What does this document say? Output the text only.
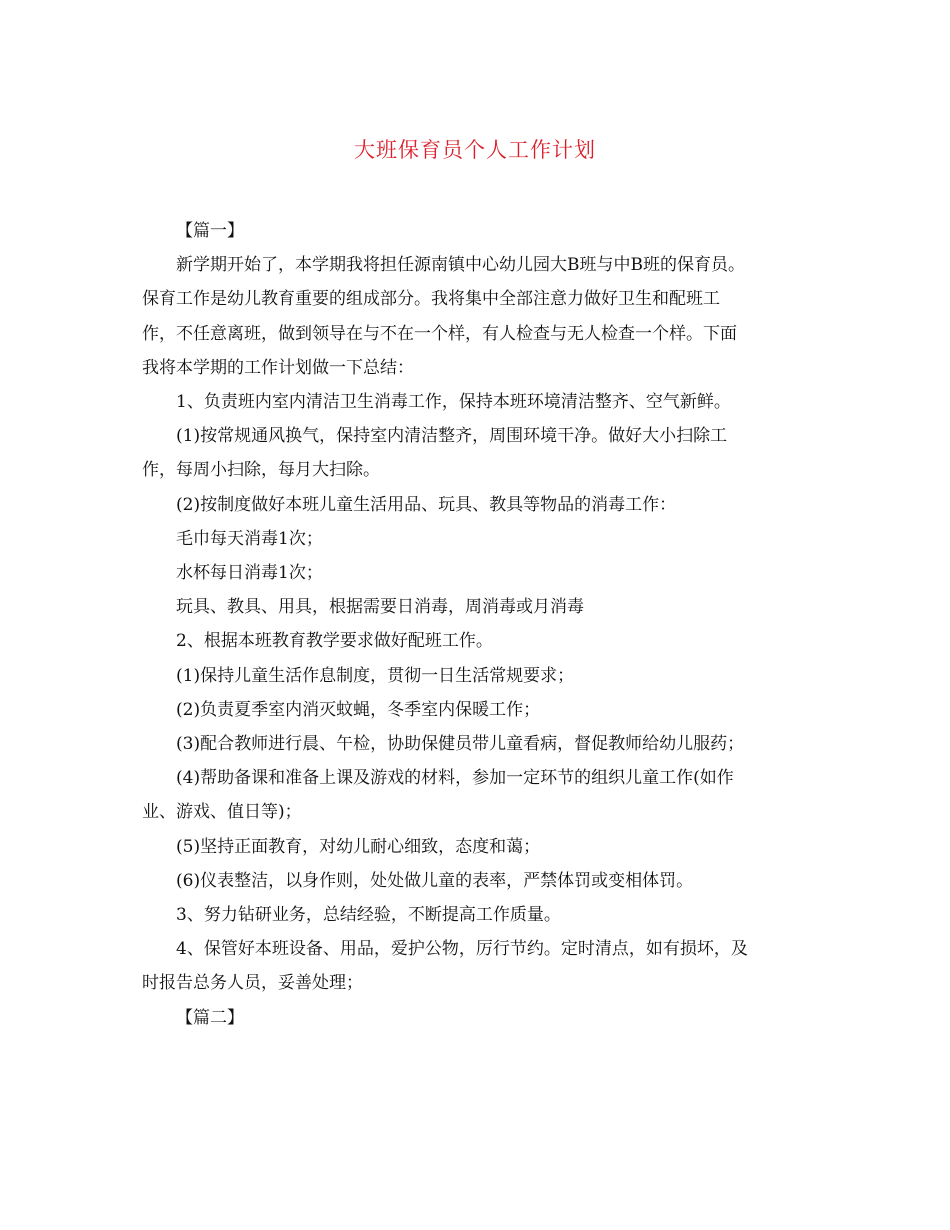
大班保育员个人工作计划

【篇一】

新学期开始了，本学期我将担任源南镇中心幼儿园大B班与中B班的保育员。
保育工作是幼儿教育重要的组成部分。我将集中全部注意力做好卫生和配班工
作，不任意离班，做到领导在与不在一个样，有人检查与无人检查一个样。下面
我将本学期的工作计划做一下总结：

1、负责班内室内清洁卫生消毒工作，保持本班环境清洁整齐、空气新鲜。

(1)按常规通风换气，保持室内清洁整齐，周围环境干净。做好大小扫除工
作，每周小扫除，每月大扫除。

(2)按制度做好本班儿童生活用品、玩具、教具等物品的消毒工作：

毛巾每天消毒1次；

水杯每日消毒1次；

玩具、教具、用具，根据需要日消毒，周消毒或月消毒

2、根据本班教育教学要求做好配班工作。

(1)保持儿童生活作息制度，贯彻一日生活常规要求；

(2)负责夏季室内消灭蚊蝇，冬季室内保暖工作；

(3)配合教师进行晨、午检，协助保健员带儿童看病，督促教师给幼儿服药；

(4)帮助备课和准备上课及游戏的材料，参加一定环节的组织儿童工作(如作
业、游戏、值日等)；

(5)坚持正面教育，对幼儿耐心细致，态度和蔼；

(6)仪表整洁，以身作则，处处做儿童的表率，严禁体罚或变相体罚。

3、努力钻研业务，总结经验，不断提高工作质量。

4、保管好本班设备、用品，爱护公物，厉行节约。定时清点，如有损坏，及
时报告总务人员，妥善处理；

【篇二】
